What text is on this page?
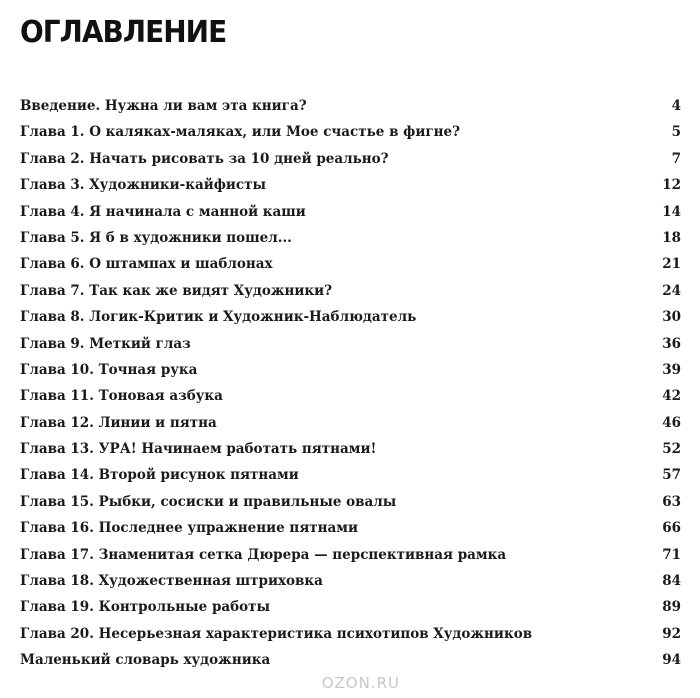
ОГЛАВЛЕНИЕ
Введение. Нужна ли вам эта книга?	4
Глава 1. О каляках-маляках, или Мое счастье в фигне?	5
Глава 2. Начать рисовать за 10 дней реально?	7
Глава 3. Художники-кайфисты	12
Глава 4. Я начинала с манной каши	14
Глава 5. Я б в художники пошел...	18
Глава 6. О штампах и шаблонах	21
Глава 7. Так как же видят Художники?	24
Глава 8. Логик-Критик и Художник-Наблюдатель	30
Глава 9. Меткий глаз	36
Глава 10. Точная рука	39
Глава 11. Тоновая азбука	42
Глава 12. Линии и пятна	46
Глава 13. УРА! Начинаем работать пятнами!	52
Глава 14. Второй рисунок пятнами	57
Глава 15. Рыбки, сосиски и правильные овалы	63
Глава 16. Последнее упражнение пятнами	66
Глава 17. Знаменитая сетка Дюрера — перспективная рамка	71
Глава 18. Художественная штриховка	84
Глава 19. Контрольные работы	89
Глава 20. Несерьезная характеристика психотипов Художников	92
Маленький словарь художника	94
OZON.RU
